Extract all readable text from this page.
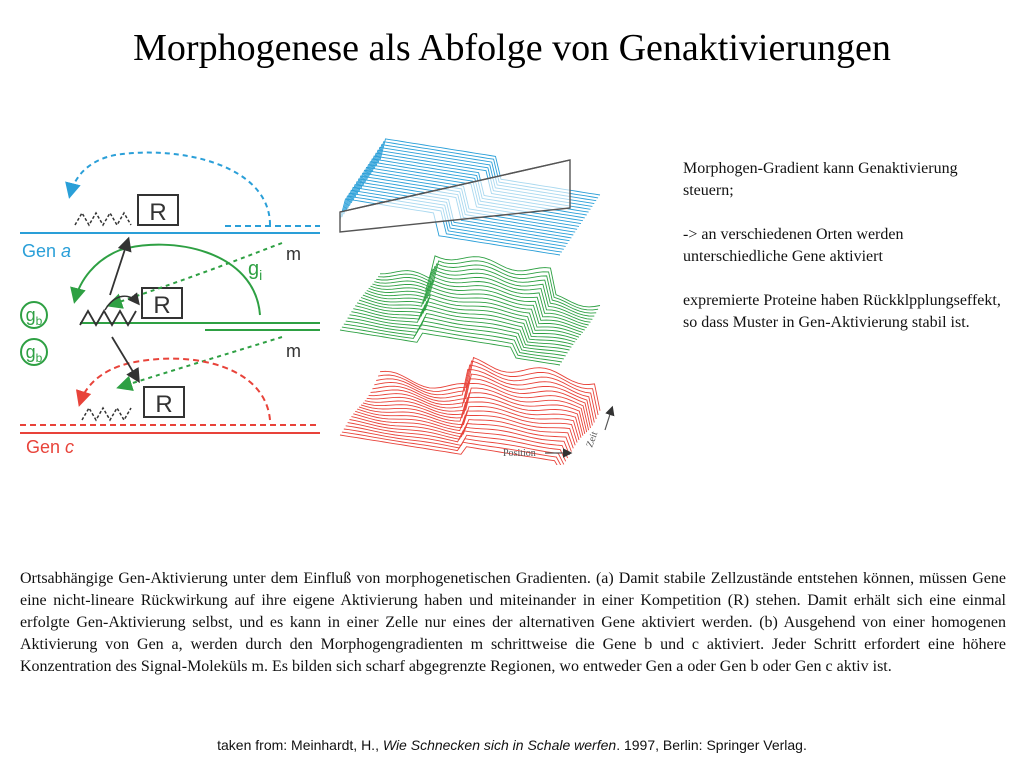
Morphogenese als Abfolge von Genaktivierungen
R
Gen a
R
$g_i$
m
$g_b$
$g_b$	m
R
Gen c	Position
Zeit

Morphogen-Gradient kann Genaktivierung steuern;

-> an verschiedenen Orten werden unterschiedliche Gene aktiviert

expremierte Proteine haben Rückklpplungseffekt, so dass Muster in Gen-Aktivierung stabil ist.

Ortsabhängige Gen-Aktivierung unter dem Einfluß von morphogenetischen Gradienten. (a) Damit stabile Zellzustände entstehen können, müssen Gene eine nicht-lineare Rückwirkung auf ihre eigene Aktivierung haben und miteinander in einer Kompetition (R) stehen. Damit erhält sich eine einmal erfolgte Gen-Aktivierung selbst, und es kann in einer Zelle nur eines der alternativen Gene aktiviert werden. (b) Ausgehend von einer homogenen Aktivierung von Gen a, werden durch den Morphogengradienten m schrittweise die Gene b und c aktiviert. Jeder Schritt erfordert eine höhere Konzentration des Signal-Moleküls m. Es bilden sich scharf abgegrenzte Regionen, wo entweder Gen a oder Gen b oder Gen c aktiv ist.
taken from: Meinhardt, H., Wie Schnecken sich in Schale werfen. 1997, Berlin: Springer Verlag.
